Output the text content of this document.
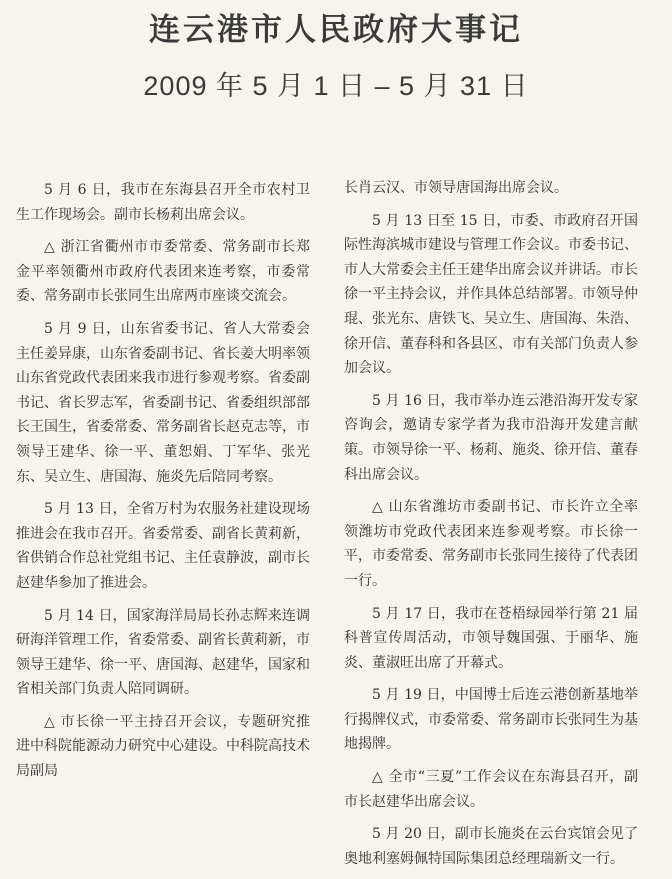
连云港市人民政府大事记
2009 年 5 月 1 日 – 5 月 31 日

5 月 6 日，我市在东海县召开全市农村卫生工作现场会。副市长杨莉出席会议。

△ 浙江省衢州市市委常委、常务副市长郑金平率领衢州市政府代表团来连考察，市委常委、常务副市长张同生出席两市座谈交流会。

5 月 9 日，山东省委书记、省人大常委会主任姜异康，山东省委副书记、省长姜大明率领山东省党政代表团来我市进行参观考察。省委副书记、省长罗志军，省委副书记、省委组织部部长王国生，省委常委、常务副省长赵克志等，市领导王建华、徐一平、董恕娟、丁军华、张光东、吴立生、唐国海、施炎先后陪同考察。

5 月 13 日，全省万村为农服务社建设现场推进会在我市召开。省委常委、副省长黄莉新，省供销合作总社党组书记、主任袁静波，副市长赵建华参加了推进会。

5 月 14 日，国家海洋局局长孙志辉来连调研海洋管理工作，省委常委、副省长黄莉新，市领导王建华、徐一平、唐国海、赵建华，国家和省相关部门负责人陪同调研。

△ 市长徐一平主持召开会议，专题研究推进中科院能源动力研究中心建设。中科院高技术局副局

长肖云汉、市领导唐国海出席会议。

5 月 13 日至 15 日，市委、市政府召开国际性海滨城市建设与管理工作会议。市委书记、市人大常委会主任王建华出席会议并讲话。市长徐一平主持会议，并作具体总结部署。市领导仲琨、张光东、唐铁飞、吴立生、唐国海、朱浩、徐开信、董春科和各县区、市有关部门负责人参加会议。

5 月 16 日，我市举办连云港沿海开发专家咨询会，邀请专家学者为我市沿海开发建言献策。市领导徐一平、杨莉、施炎、徐开信、董春科出席会议。

△ 山东省潍坊市委副书记、市长许立全率领潍坊市党政代表团来连参观考察。市长徐一平，市委常委、常务副市长张同生接待了代表团一行。

5 月 17 日，我市在苍梧绿园举行第 21 届科普宣传周活动，市领导魏国强、于丽华、施炎、董淑旺出席了开幕式。

5 月 19 日，中国博士后连云港创新基地举行揭牌仪式，市委常委、常务副市长张同生为基地揭牌。

△ 全市“三夏”工作会议在东海县召开，副市长赵建华出席会议。

5 月 20 日，副市长施炎在云台宾馆会见了奥地利塞姆佩特国际集团总经理瑞新文一行。
